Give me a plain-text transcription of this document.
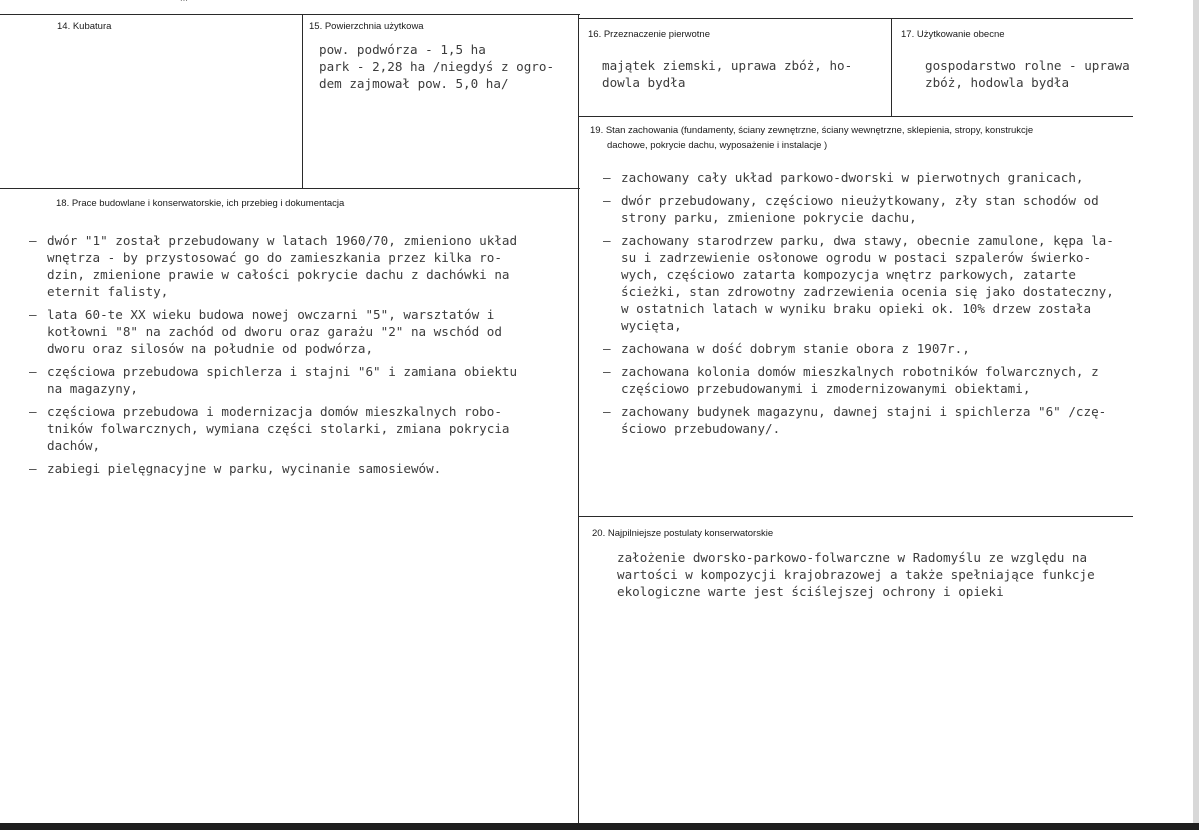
14. Kubatura	15. Powierzchnia użytkowa
pow. podwórza - 1,5 ha
park - 2,28 ha /niegdyś z ogro-
dem zajmował pow. 5,0 ha/
16. Przeznaczenie pierwotne
majątek ziemski, uprawa zbóż, ho-
dowla bydła
17. Użytkowanie obecne
gospodarstwo rolne - uprawa
zbóż, hodowla bydła
19. Stan zachowania (fundamenty, ściany zewnętrzne, ściany wewnętrzne, sklepienia, stropy, konstrukcje
dachowe, pokrycie dachu, wyposażenie i instalacje )
– zachowany cały układ parkowo-dworski w pierwotnych granicach,
– dwór przebudowany, częściowo nieużytkowany, zły stan schodów od
strony parku, zmienione pokrycie dachu,
– zachowany starodrzew parku, dwa stawy, obecnie zamulone, kępa la-
su i zadrzewienie osłonowe ogrodu w postaci szpalerów świerko-
wych, częściowo zatarta kompozycja wnętrz parkowych, zatarte
ścieżki, stan zdrowotny zadrzewienia ocenia się jako dostateczny,
w ostatnich latach w wyniku braku opieki ok. 10% drzew została
wycięta,
– zachowana w dość dobrym stanie obora z 1907r.,
– zachowana kolonia domów mieszkalnych robotników folwarcznych, z
częściowo przebudowanymi i zmodernizowanymi obiektami,
– zachowany budynek magazynu, dawnej stajni i spichlerza "6" /czę-
ściowo przebudowany/.
18. Prace budowlane i konserwatorskie, ich przebieg i dokumentacja
– dwór "1" został przebudowany w latach 1960/70, zmieniono układ
wnętrza - by przystosować go do zamieszkania przez kilka ro-
dzin, zmienione prawie w całości pokrycie dachu z dachówki na
eternit falisty,
– lata 60-te XX wieku budowa nowej owczarni "5", warsztatów i
kotłowni "8" na zachód od dworu oraz garażu "2" na wschód od
dworu oraz silosów na południe od podwórza,
– częściowa przebudowa spichlerza i stajni "6" i zamiana obiektu
na magazyny,
– częściowa przebudowa i modernizacja domów mieszkalnych robo-
tników folwarcznych, wymiana części stolarki, zmiana pokrycia
dachów,
– zabiegi pielęgnacyjne w parku, wycinanie samosiewów.
20. Najpilniejsze postulaty konserwatorskie
założenie dworsko-parkowo-folwarczne w Radomyślu ze względu na
wartości w kompozycji krajobrazowej a także spełniające funkcje
ekologiczne warte jest ściślejszej ochrony i opieki
